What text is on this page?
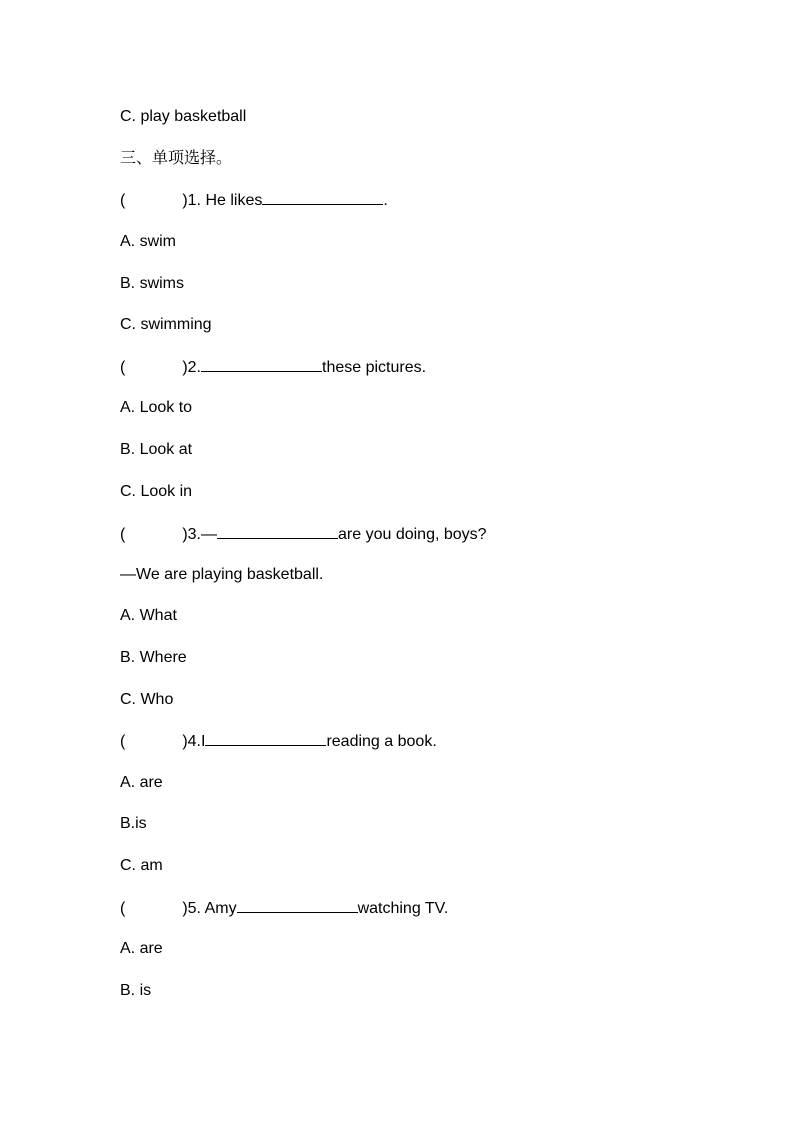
C. play basketball
三、单项选择。
(	)1. He likes	.
A. swim
B. swims
C. swimming
(	)2.	these pictures.
A. Look to
B. Look at
C. Look in
(	)3.—	are you doing, boys?
—We are playing basketball.
A. What
B. Where
C. Who
(	)4.I	reading a book.
A. are
B.is
C. am
(	)5. Amy	watching TV.
A. are
B. is
